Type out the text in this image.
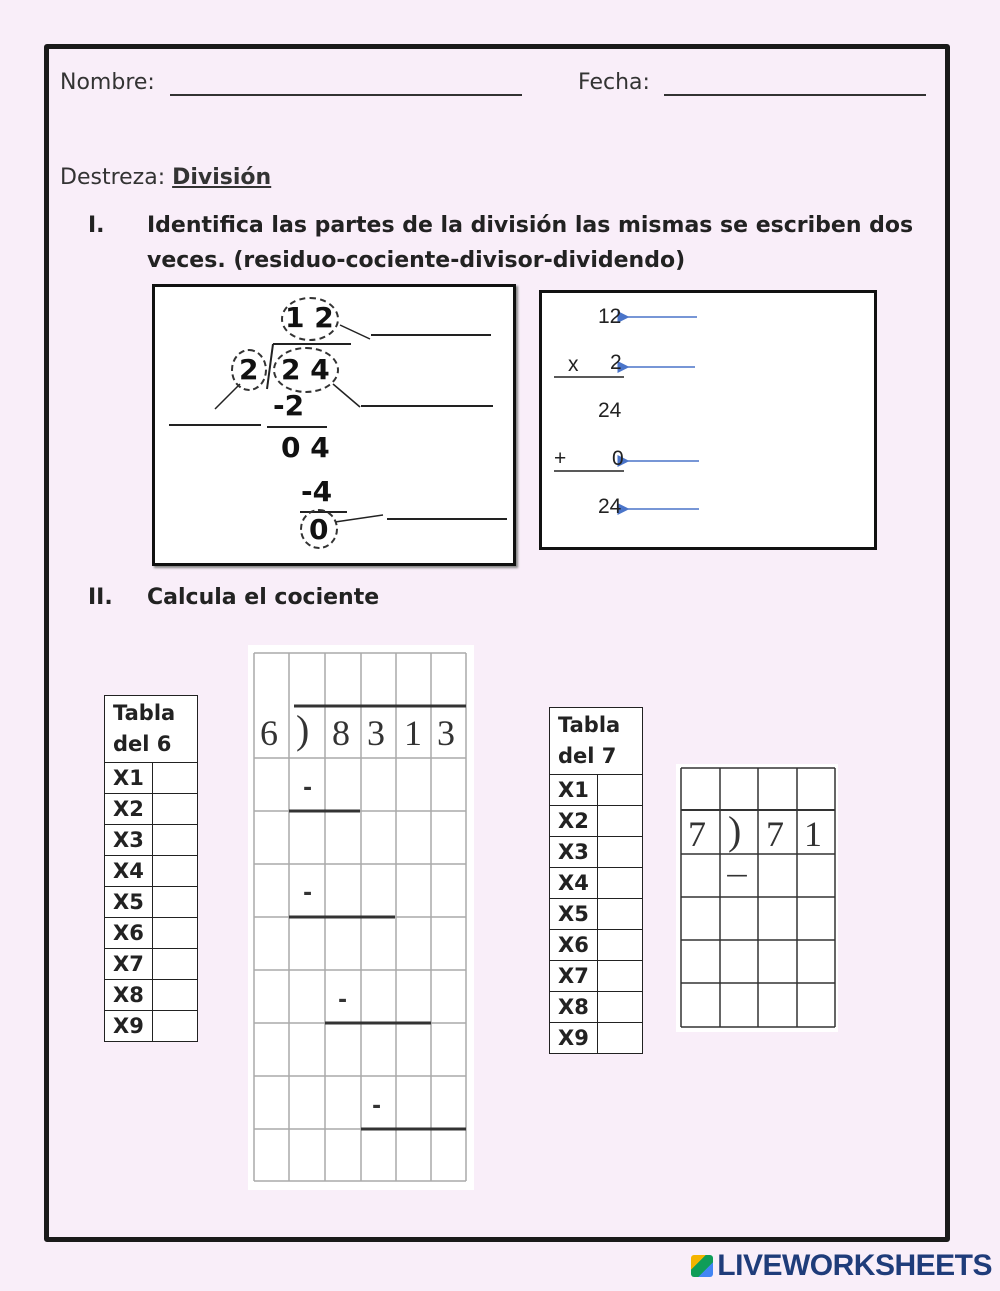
Nombre:	Fecha:
Destreza: División
I. Identifica las partes de la división las mismas se escriben dos
veces. (residuo-cociente-divisor-dividendo)
1 2
2 2 4
-2
0 4
-4
0
12
x 2
24
+ 0
24
II. Calcula el cociente
Tabla
del 6	

X1	
X2	
X3	
X4	
X5	
X6	
X7	
X8	
X9	
6 ) 8 3 1 3
-
-
-
-
Tabla
del 7	

X1	
X2	
X3	
X4	
X5	
X6	
X7	
X8	
X9	
7 ) 7 1
—
LIVEWORKSHEETS
